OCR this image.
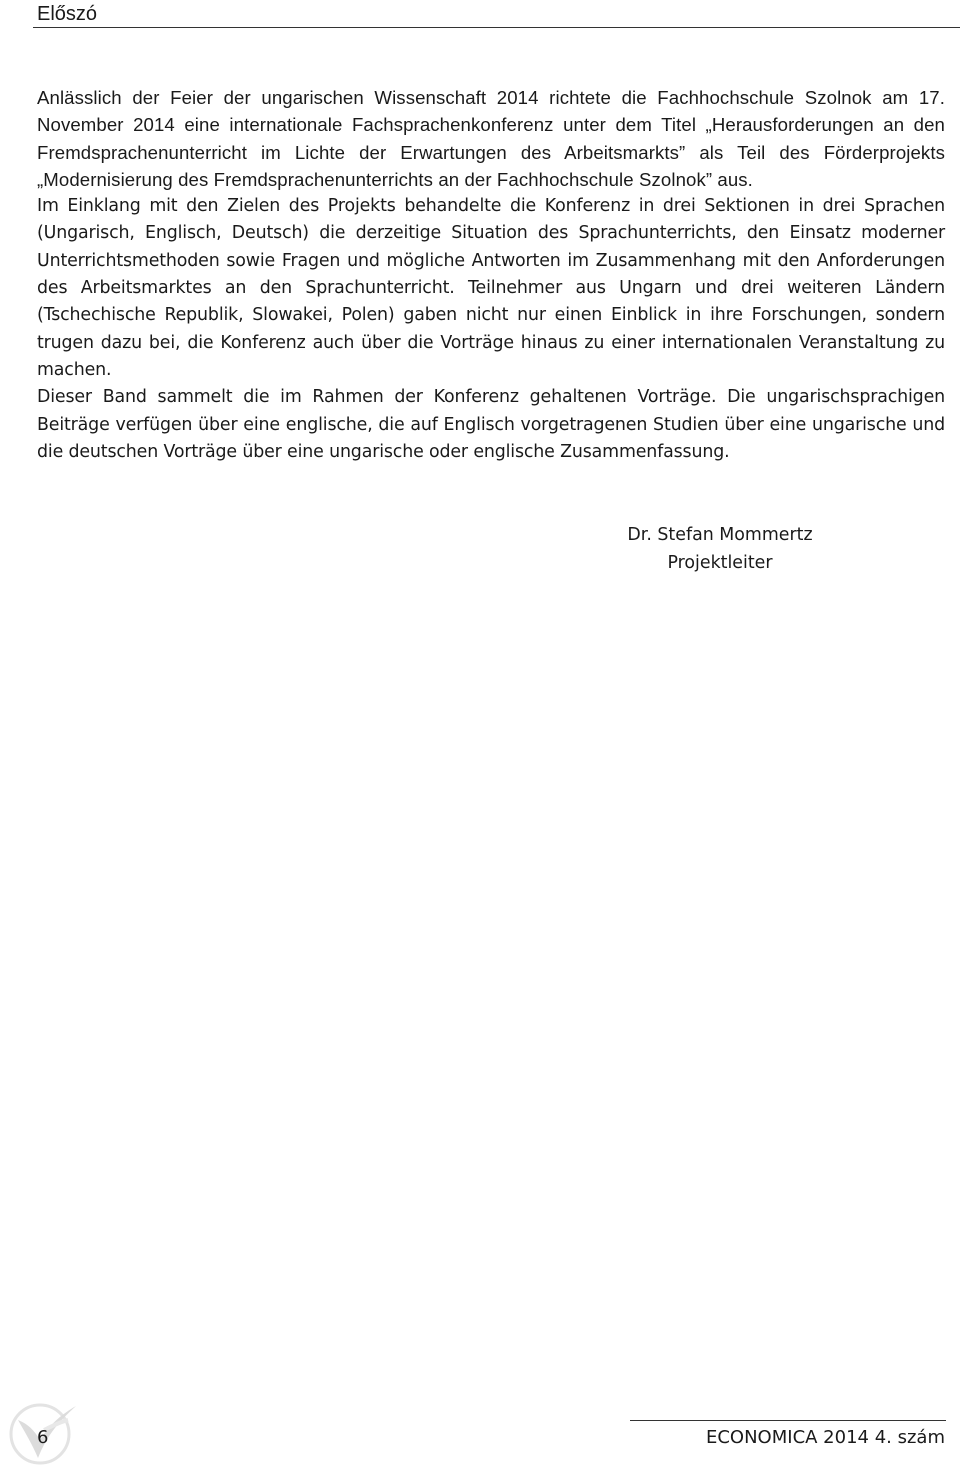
Előszó

Anlässlich der Feier der ungarischen Wissenschaft 2014 richtete die Fachhochschule Szolnok am 17. November 2014 eine internationale Fachsprachenkonferenz unter dem Titel „Herausforderungen an den Fremdsprachenunterricht im Lichte der Erwartungen des Arbeitsmarkts” als Teil des Förderprojekts „Modernisierung des Fremdsprachenunterrichts an der Fachhochschule Szolnok” aus.

Im Einklang mit den Zielen des Projekts behandelte die Konferenz in drei Sektionen in drei Sprachen (Ungarisch, Englisch, Deutsch) die derzeitige Situation des Sprachunterrichts, den Einsatz moderner Unterrichtsmethoden sowie Fragen und mögliche Antworten im Zusammenhang mit den Anforderungen des Arbeitsmarktes an den Sprachunterricht. Teilnehmer aus Ungarn und drei weiteren Ländern (Tschechische Republik, Slowakei, Polen) gaben nicht nur einen Einblick in ihre Forschungen, sondern trugen dazu bei, die Konferenz auch über die Vorträge hinaus zu einer internationalen Veranstaltung zu machen.

Dieser Band sammelt die im Rahmen der Konferenz gehaltenen Vorträge. Die ungarischsprachigen Beiträge verfügen über eine englische, die auf Englisch vorgetragenen Studien über eine ungarische und die deutschen Vorträge über eine ungarische oder englische Zusammenfassung.

Dr. Stefan Mommertz
Projektleiter
6	ECONOMICA 2014 4. szám
